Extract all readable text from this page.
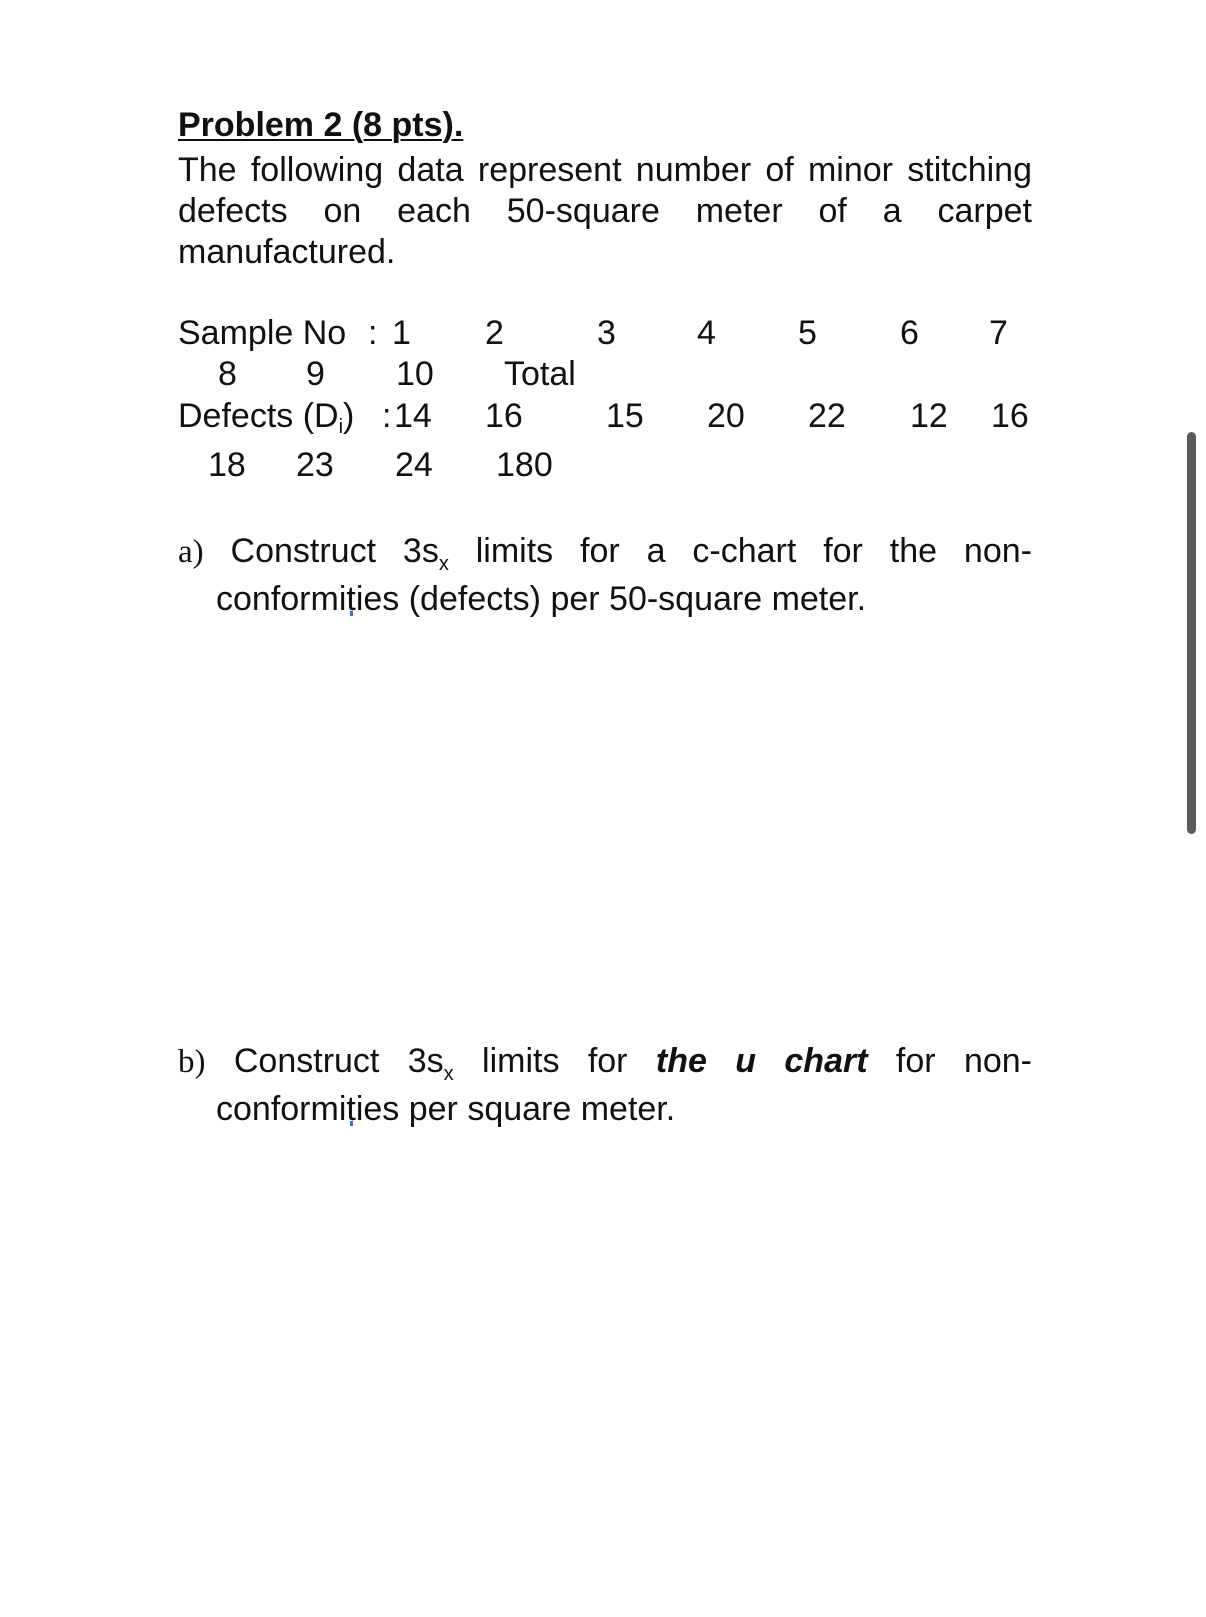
Problem 2 (8 pts).
The following data represent number of minor stitching defects on each 50-square meter of a carpet manufactured.
Sample No : 1 2	3 4 5 6 7
8 9 10 Total
Defects $(D_i)$ : 14 16 15 20 22 12 16
18 23 24 180
a) Construct $3s_x$ limits for a c-chart for the non-
conformities (defects) per 50-square meter.
b) Construct $3s_x$ limits for the u chart for non-
conformities per square meter.
